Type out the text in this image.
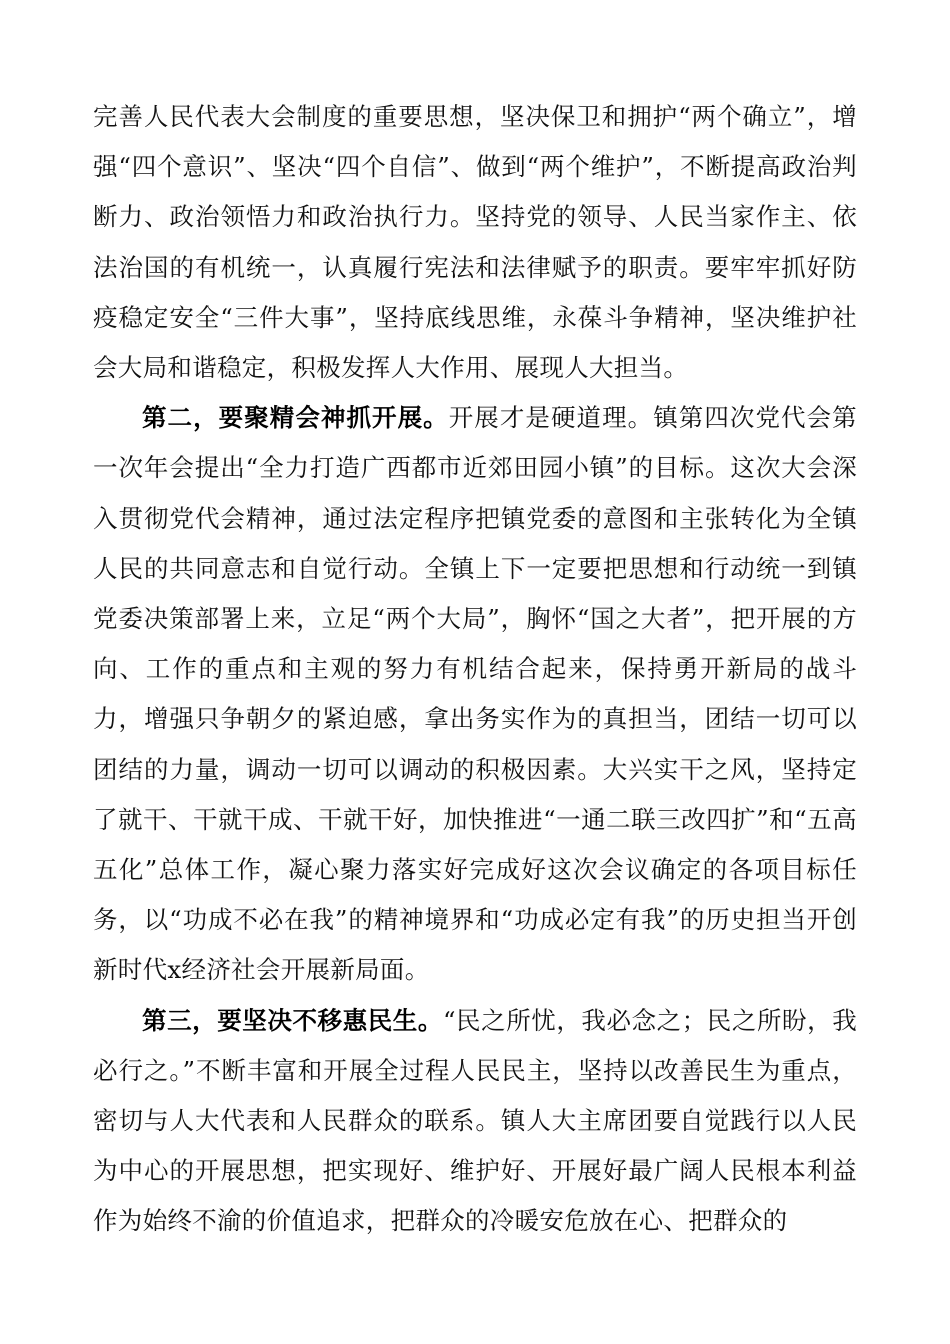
完善人民代表大会制度的重要思想，坚决保卫和拥护“两个确立”，增强“四个意识”、坚决“四个自信”、做到“两个维护”，不断提高政治判断力、政治领悟力和政治执行力。坚持党的领导、人民当家作主、依法治国的有机统一，认真履行宪法和法律赋予的职责。要牢牢抓好防疫稳定安全“三件大事”，坚持底线思维，永葆斗争精神，坚决维护社会大局和谐稳定，积极发挥人大作用、展现人大担当。

第二，要聚精会神抓开展。开展才是硬道理。镇第四次党代会第一次年会提出“全力打造广西都市近郊田园小镇”的目标。这次大会深入贯彻党代会精神，通过法定程序把镇党委的意图和主张转化为全镇人民的共同意志和自觉行动。全镇上下一定要把思想和行动统一到镇党委决策部署上来，立足“两个大局”，胸怀“国之大者”，把开展的方向、工作的重点和主观的努力有机结合起来，保持勇开新局的战斗力，增强只争朝夕的紧迫感，拿出务实作为的真担当，团结一切可以团结的力量，调动一切可以调动的积极因素。大兴实干之风，坚持定了就干、干就干成、干就干好，加快推进“一通二联三改四扩”和“五高五化”总体工作，凝心聚力落实好完成好这次会议确定的各项目标任务，以“功成不必在我”的精神境界和“功成必定有我”的历史担当开创新时代x经济社会开展新局面。

第三，要坚决不移惠民生。“民之所忧，我必念之；民之所盼，我必行之。”不断丰富和开展全过程人民民主，坚持以改善民生为重点，密切与人大代表和人民群众的联系。镇人大主席团要自觉践行以人民为中心的开展思想，把实现好、维护好、开展好最广阔人民根本利益作为始终不渝的价值追求，把群众的冷暖安危放在心、把群众的
